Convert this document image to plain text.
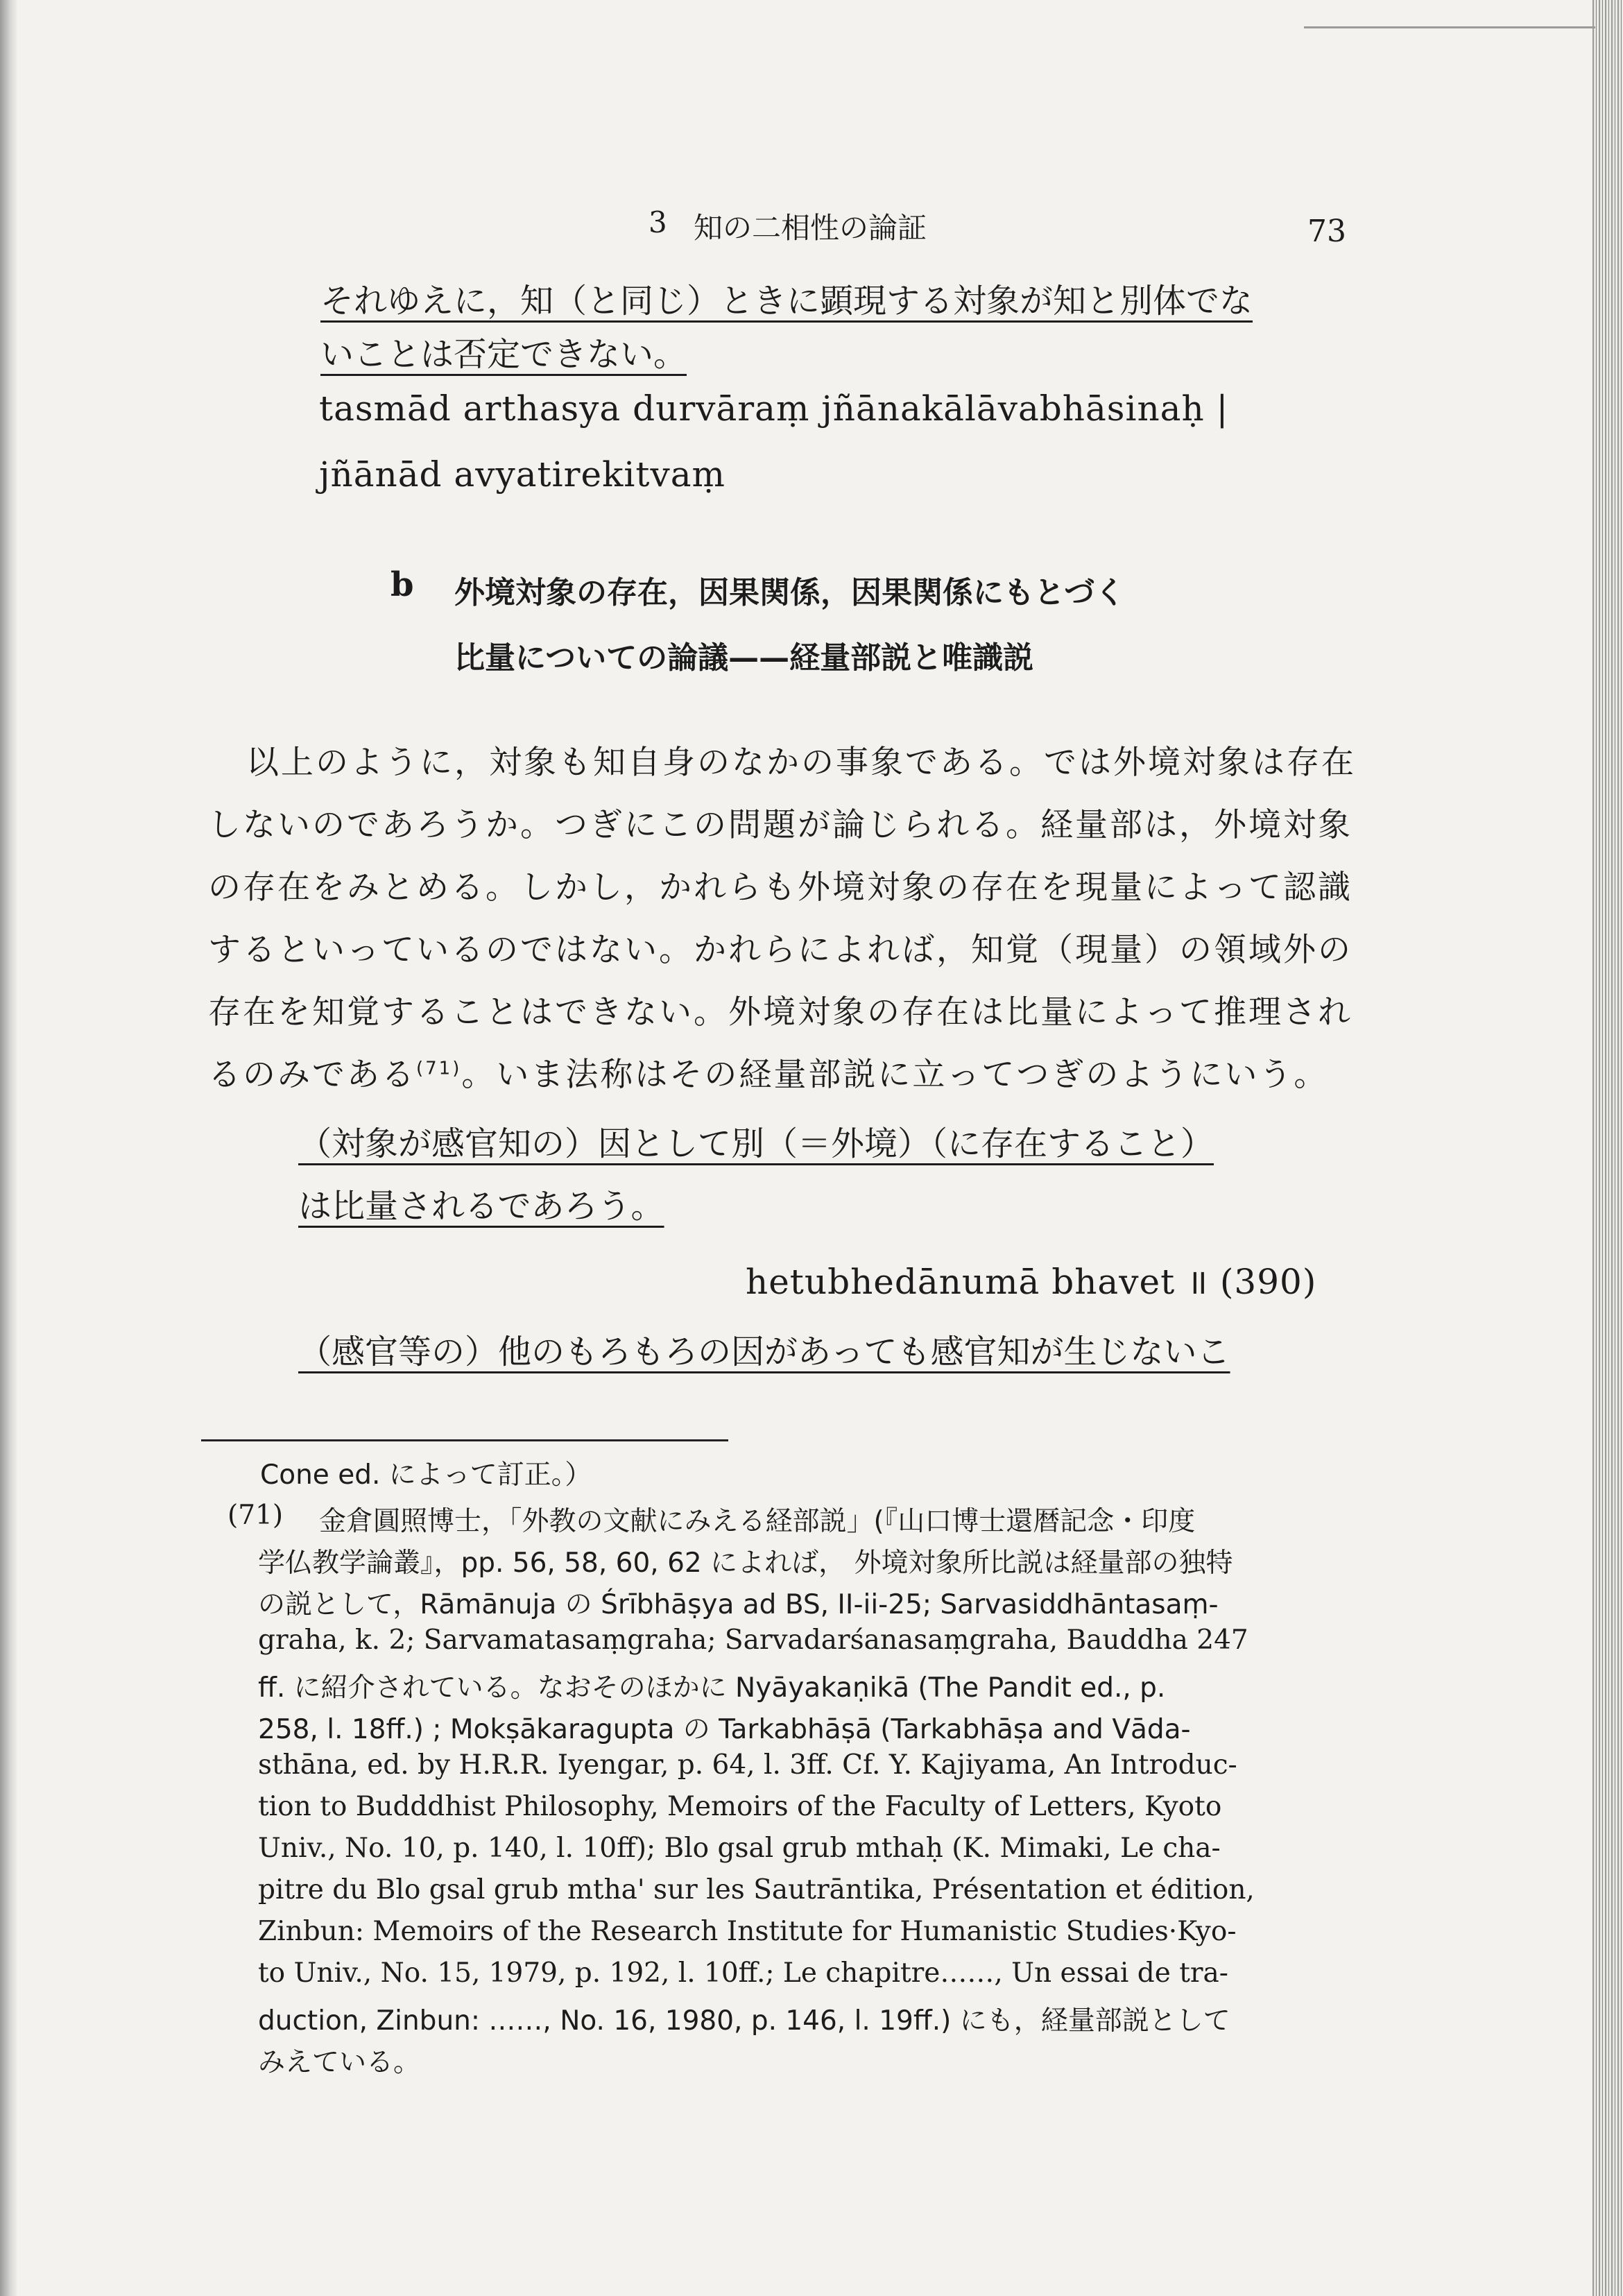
3 知の二相性の論証	73
それゆえに，知（と同じ）ときに顕現する対象が知と別体でな
いことは否定できない。
tasmād arthasya durvāraṃ jñānakālāvabhāsinaḥ |
jñānād avyatirekitvaṃ
b 外境対象の存在，因果関係，因果関係にもとづく
比量についての論議——経量部説と唯識説
以上のように，対象も知自身のなかの事象である。では外境対象は存在
しないのであろうか。つぎにこの問題が論じられる。経量部は，外境対象
の存在をみとめる。しかし，かれらも外境対象の存在を現量によって認識
するといっているのではない。かれらによれば，知覚（現量）の領域外の
存在を知覚することはできない。外境対象の存在は比量によって推理され
るのみである$^{(71)}$。いま法称はその経量部説に立ってつぎのようにいう。
（対象が感官知の）因として別（＝外境）（に存在すること）
は比量されるであろう。
hetubhedānumā bhavet ॥ (390)
（感官等の）他のもろもろの因があっても感官知が生じないこ
Cone ed. によって訂正。）
(71) 金倉圓照博士，「外教の文献にみえる経部説」(『山口博士還暦記念・印度
学仏教学論叢』，pp. 56, 58, 60, 62 によれば， 外境対象所比説は経量部の独特
の説として，Rāmānuja の Śrībhāṣya ad BS, II-ii-25; Sarvasiddhāntasaṃ-
graha, k. 2; Sarvamatasaṃgraha; Sarvadarśanasaṃgraha, Bauddha 247
ff. に紹介されている。なおそのほかに Nyāyakaṇikā (The Pandit ed., p.
258, l. 18ff.) ; Mokṣākaragupta の Tarkabhāṣā (Tarkabhāṣa and Vāda-
sthāna, ed. by H.R.R. Iyengar, p. 64, l. 3ff. Cf. Y. Kajiyama, An Introduc-
tion to Budddhist Philosophy, Memoirs of the Faculty of Letters, Kyoto
Univ., No. 10, p. 140, l. 10ff); Blo gsal grub mthaḥ (K. Mimaki, Le cha-
pitre du Blo gsal grub mtha' sur les Sautrāntika, Présentation et édition,
Zinbun: Memoirs of the Research Institute for Humanistic Studies·Kyo-
to Univ., No. 15, 1979, p. 192, l. 10ff.; Le chapitre……, Un essai de tra-
duction, Zinbun: ……, No. 16, 1980, p. 146, l. 19ff.) にも，経量部説として
みえている。
